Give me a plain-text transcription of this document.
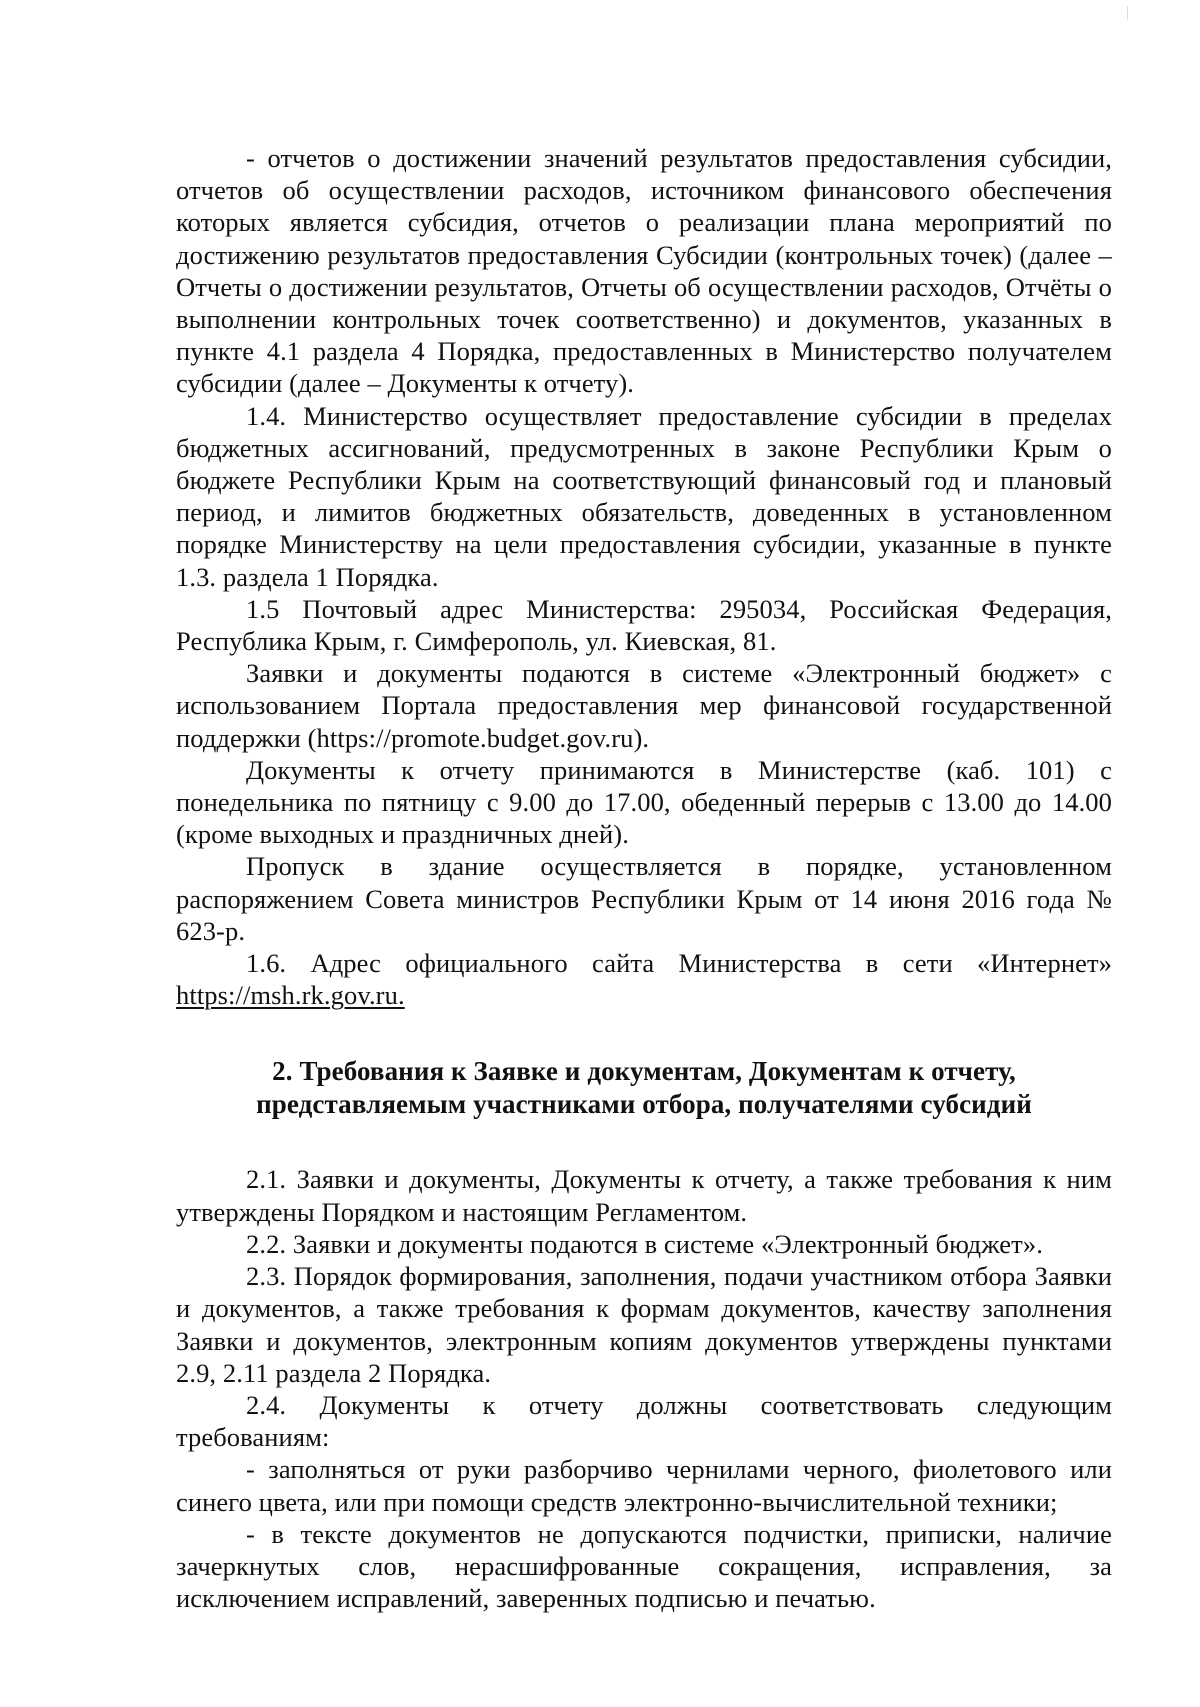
- отчетов о достижении значений результатов предоставления субсидии, отчетов об осуществлении расходов, источником финансового обеспечения которых является субсидия, отчетов о реализации плана мероприятий по достижению результатов предоставления Субсидии (контрольных точек) (далее – Отчеты о достижении результатов, Отчеты об осуществлении расходов, Отчёты о выполнении контрольных точек соответственно) и документов, указанных в пункте 4.1 раздела 4 Порядка, предоставленных в Министерство получателем субсидии (далее – Документы к отчету).

1.4. Министерство осуществляет предоставление субсидии в пределах бюджетных ассигнований, предусмотренных в законе Республики Крым о бюджете Республики Крым на соответствующий финансовый год и плановый период, и лимитов бюджетных обязательств, доведенных в установленном порядке Министерству на цели предоставления субсидии, указанные в пункте 1.3. раздела 1 Порядка.

1.5 Почтовый адрес Министерства: 295034, Российская Федерация, Республика Крым, г. Симферополь, ул. Киевская, 81.

Заявки и документы подаются в системе «Электронный бюджет» с использованием Портала предоставления мер финансовой государственной поддержки (https://promote.budget.gov.ru).

Документы к отчету принимаются в Министерстве (каб. 101) с понедельника по пятницу с 9.00 до 17.00, обеденный перерыв с 13.00 до 14.00 (кроме выходных и праздничных дней).

Пропуск в здание осуществляется в порядке, установленном распоряжением Совета министров Республики Крым от 14 июня 2016 года № 623-р.

1.6. Адрес официального сайта Министерства в сети «Интернет» https://msh.rk.gov.ru.

2. Требования к Заявке и документам, Документам к отчету,
представляемым участниками отбора, получателями субсидий

2.1. Заявки и документы, Документы к отчету, а также требования к ним утверждены Порядком и настоящим Регламентом.

2.2. Заявки и документы подаются в системе «Электронный бюджет».

2.3. Порядок формирования, заполнения, подачи участником отбора Заявки и документов, а также требования к формам документов, качеству заполнения Заявки и документов, электронным копиям документов утверждены пунктами 2.9, 2.11 раздела 2 Порядка.

2.4. Документы к отчету должны соответствовать следующим требованиям:

- заполняться от руки разборчиво чернилами черного, фиолетового или синего цвета, или при помощи средств электронно-вычислительной техники;

- в тексте документов не допускаются подчистки, приписки, наличие зачеркнутых слов, нерасшифрованные сокращения, исправления, за исключением исправлений, заверенных подписью и печатью.
